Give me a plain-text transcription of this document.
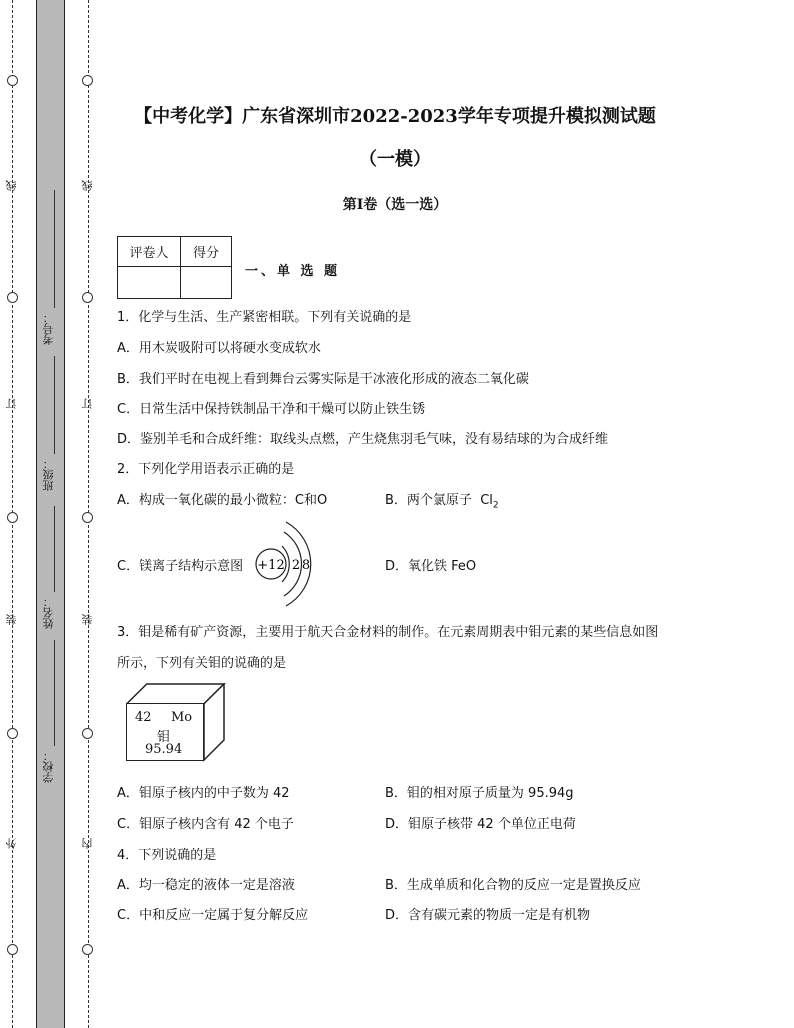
线
订
装
外
线
订
装
内
考号：
班级：
姓名：
学校：
【中考化学】广东省深圳市2022-2023学年专项提升模拟测试题
（一模）
第I卷（选一选）
评卷人	得分

一、单 选 题
1．化学与生活、生产紧密相联。下列有关说确的是
A．用木炭吸附可以将硬水变成软水
B．我们平时在电视上看到舞台云雾实际是干冰液化形成的液态二氧化碳
C．日常生活中保持铁制品干净和干燥可以防止铁生锈
D．鉴别羊毛和合成纤维：取线头点燃，产生烧焦羽毛气味，没有易结球的为合成纤维
2．下列化学用语表示正确的是
A．构成一氧化碳的最小微粒：C和O	B．两个氯原子 $Cl_2$
C．镁离子结构示意图 +12 2 8	D．氧化铁 FeO
3．钼是稀有矿产资源，主要用于航天合金材料的制作。在元素周期表中钼元素的某些信息如图
所示，下列有关钼的说确的是
42 Mo
钼
95.94
A．钼原子核内的中子数为 42	B．钼的相对原子质量为 95.94g
C．钼原子核内含有 42 个电子	D．钼原子核带 42 个单位正电荷
4．下列说确的是
A．均一稳定的液体一定是溶液	B．生成单质和化合物的反应一定是置换反应
C．中和反应一定属于复分解反应	D．含有碳元素的物质一定是有机物
